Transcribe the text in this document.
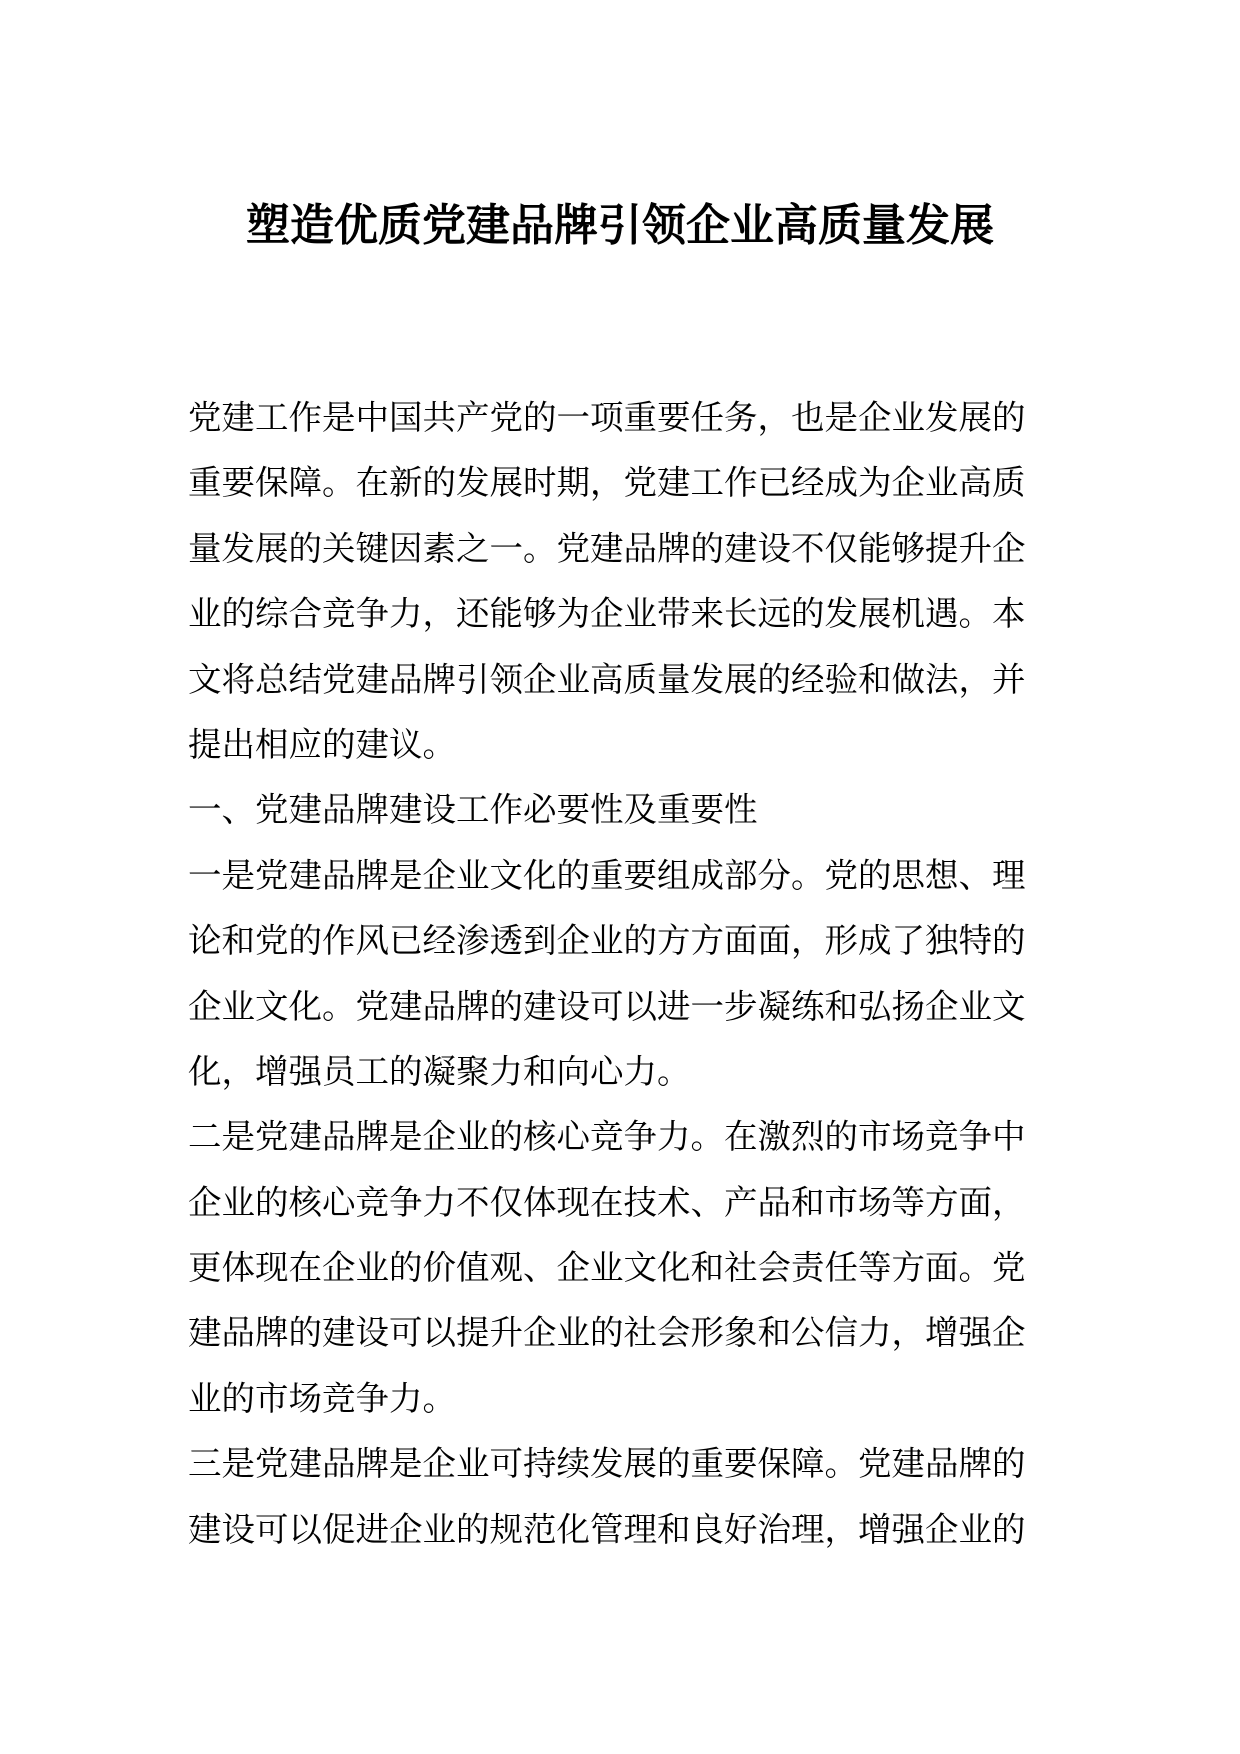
塑造优质党建品牌引领企业高质量发展
党建工作是中国共产党的一项重要任务，也是企业发展的
重要保障。在新的发展时期，党建工作已经成为企业高质
量发展的关键因素之一。党建品牌的建设不仅能够提升企
业的综合竞争力，还能够为企业带来长远的发展机遇。本
文将总结党建品牌引领企业高质量发展的经验和做法，并
提出相应的建议。
一、党建品牌建设工作必要性及重要性
一是党建品牌是企业文化的重要组成部分。党的思想、理
论和党的作风已经渗透到企业的方方面面，形成了独特的
企业文化。党建品牌的建设可以进一步凝练和弘扬企业文
化，增强员工的凝聚力和向心力。
二是党建品牌是企业的核心竞争力。在激烈的市场竞争中
企业的核心竞争力不仅体现在技术、产品和市场等方面，
更体现在企业的价值观、企业文化和社会责任等方面。党
建品牌的建设可以提升企业的社会形象和公信力，增强企
业的市场竞争力。
三是党建品牌是企业可持续发展的重要保障。党建品牌的
建设可以促进企业的规范化管理和良好治理，增强企业的
